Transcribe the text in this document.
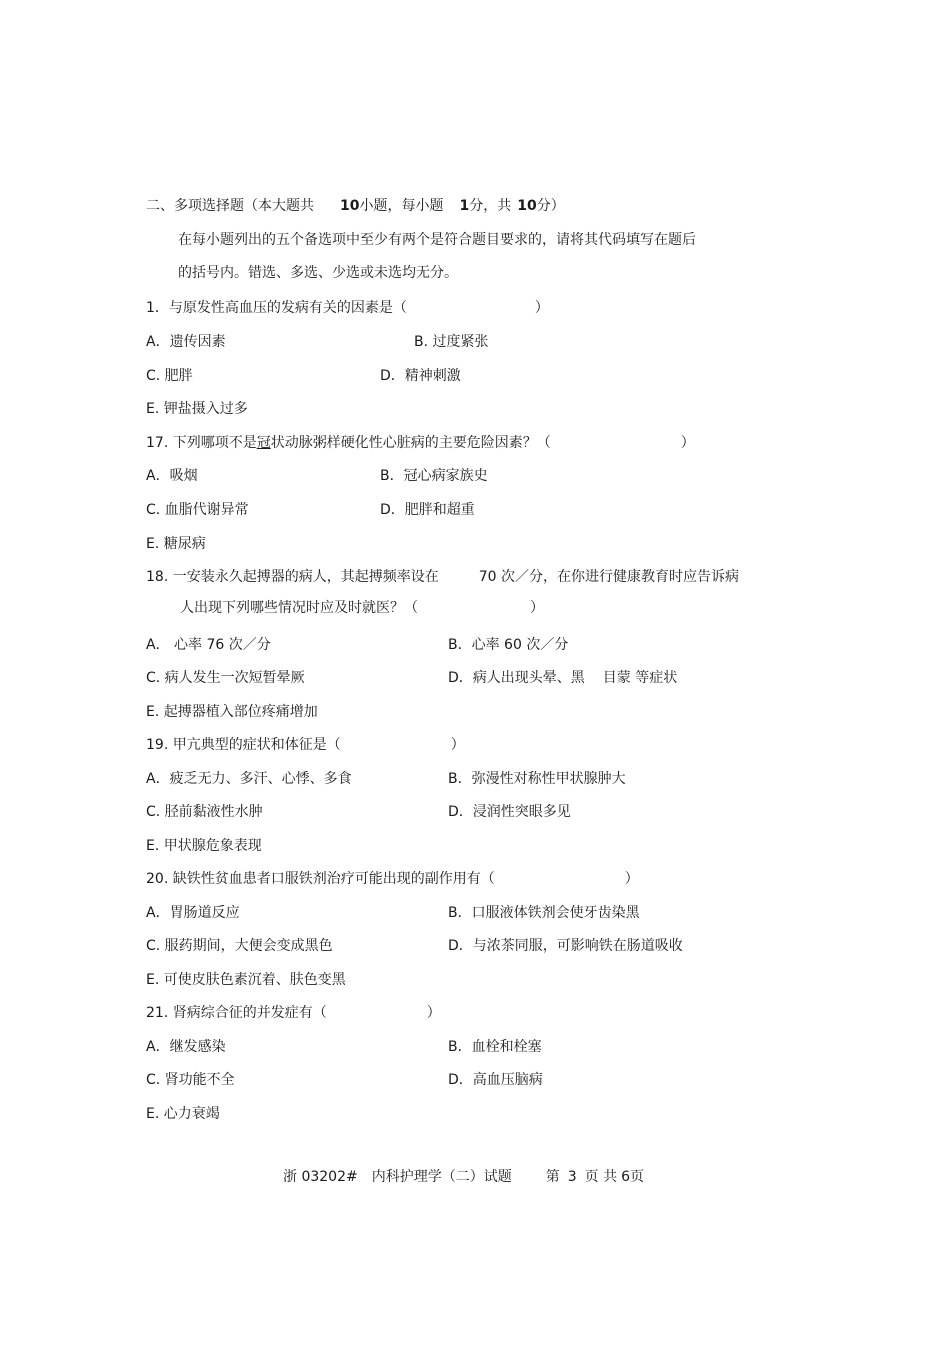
二、多项选择题（本大题共 10小题，每小题 1分，共 10分）
在每小题列出的五个备选项中至少有两个是符合题目要求的，请将其代码填写在题后
的括号内。错选、多选、少选或未选均无分。
1．与原发性高血压的发病有关的因素是（	）
A．遗传因素	B. 过度紧张
C. 肥胖	D．精神刺激
E. 钾盐摄入过多
17. 下列哪项不是冠状动脉粥样硬化性心脏病的主要危险因素？（	）
A．吸烟	B．冠心病家族史
C. 血脂代谢异常	D．肥胖和超重
E. 糖尿病
18. 一安装永久起搏器的病人，其起搏频率设在	70 次／分，在你进行健康教育时应告诉病
人出现下列哪些情况时应及时就医？（	）
A． 心率 76 次／分	B．心率 60 次／分
C. 病人发生一次短暂晕厥	D．病人出现头晕、黑 目蒙 等症状
E. 起搏器植入部位疼痛增加
19. 甲亢典型的症状和体征是（	）
A．疲乏无力、多汗、心悸、多食	B．弥漫性对称性甲状腺肿大
C. 胫前黏液性水肿	D．浸润性突眼多见
E. 甲状腺危象表现
20. 缺铁性贫血患者口服铁剂治疗可能出现的副作用有（	）
A．胃肠道反应	B．口服液体铁剂会使牙齿染黑
C. 服药期间，大便会变成黑色	D．与浓茶同服，可影响铁在肠道吸收
E. 可使皮肤色素沉着、肤色变黑
21. 肾病综合征的并发症有（	）
A．继发感染	B．血栓和栓塞
C. 肾功能不全	D．高血压脑病
E. 心力衰竭
浙 03202# 内科护理学（二）试题 第 3 页 共 6页
